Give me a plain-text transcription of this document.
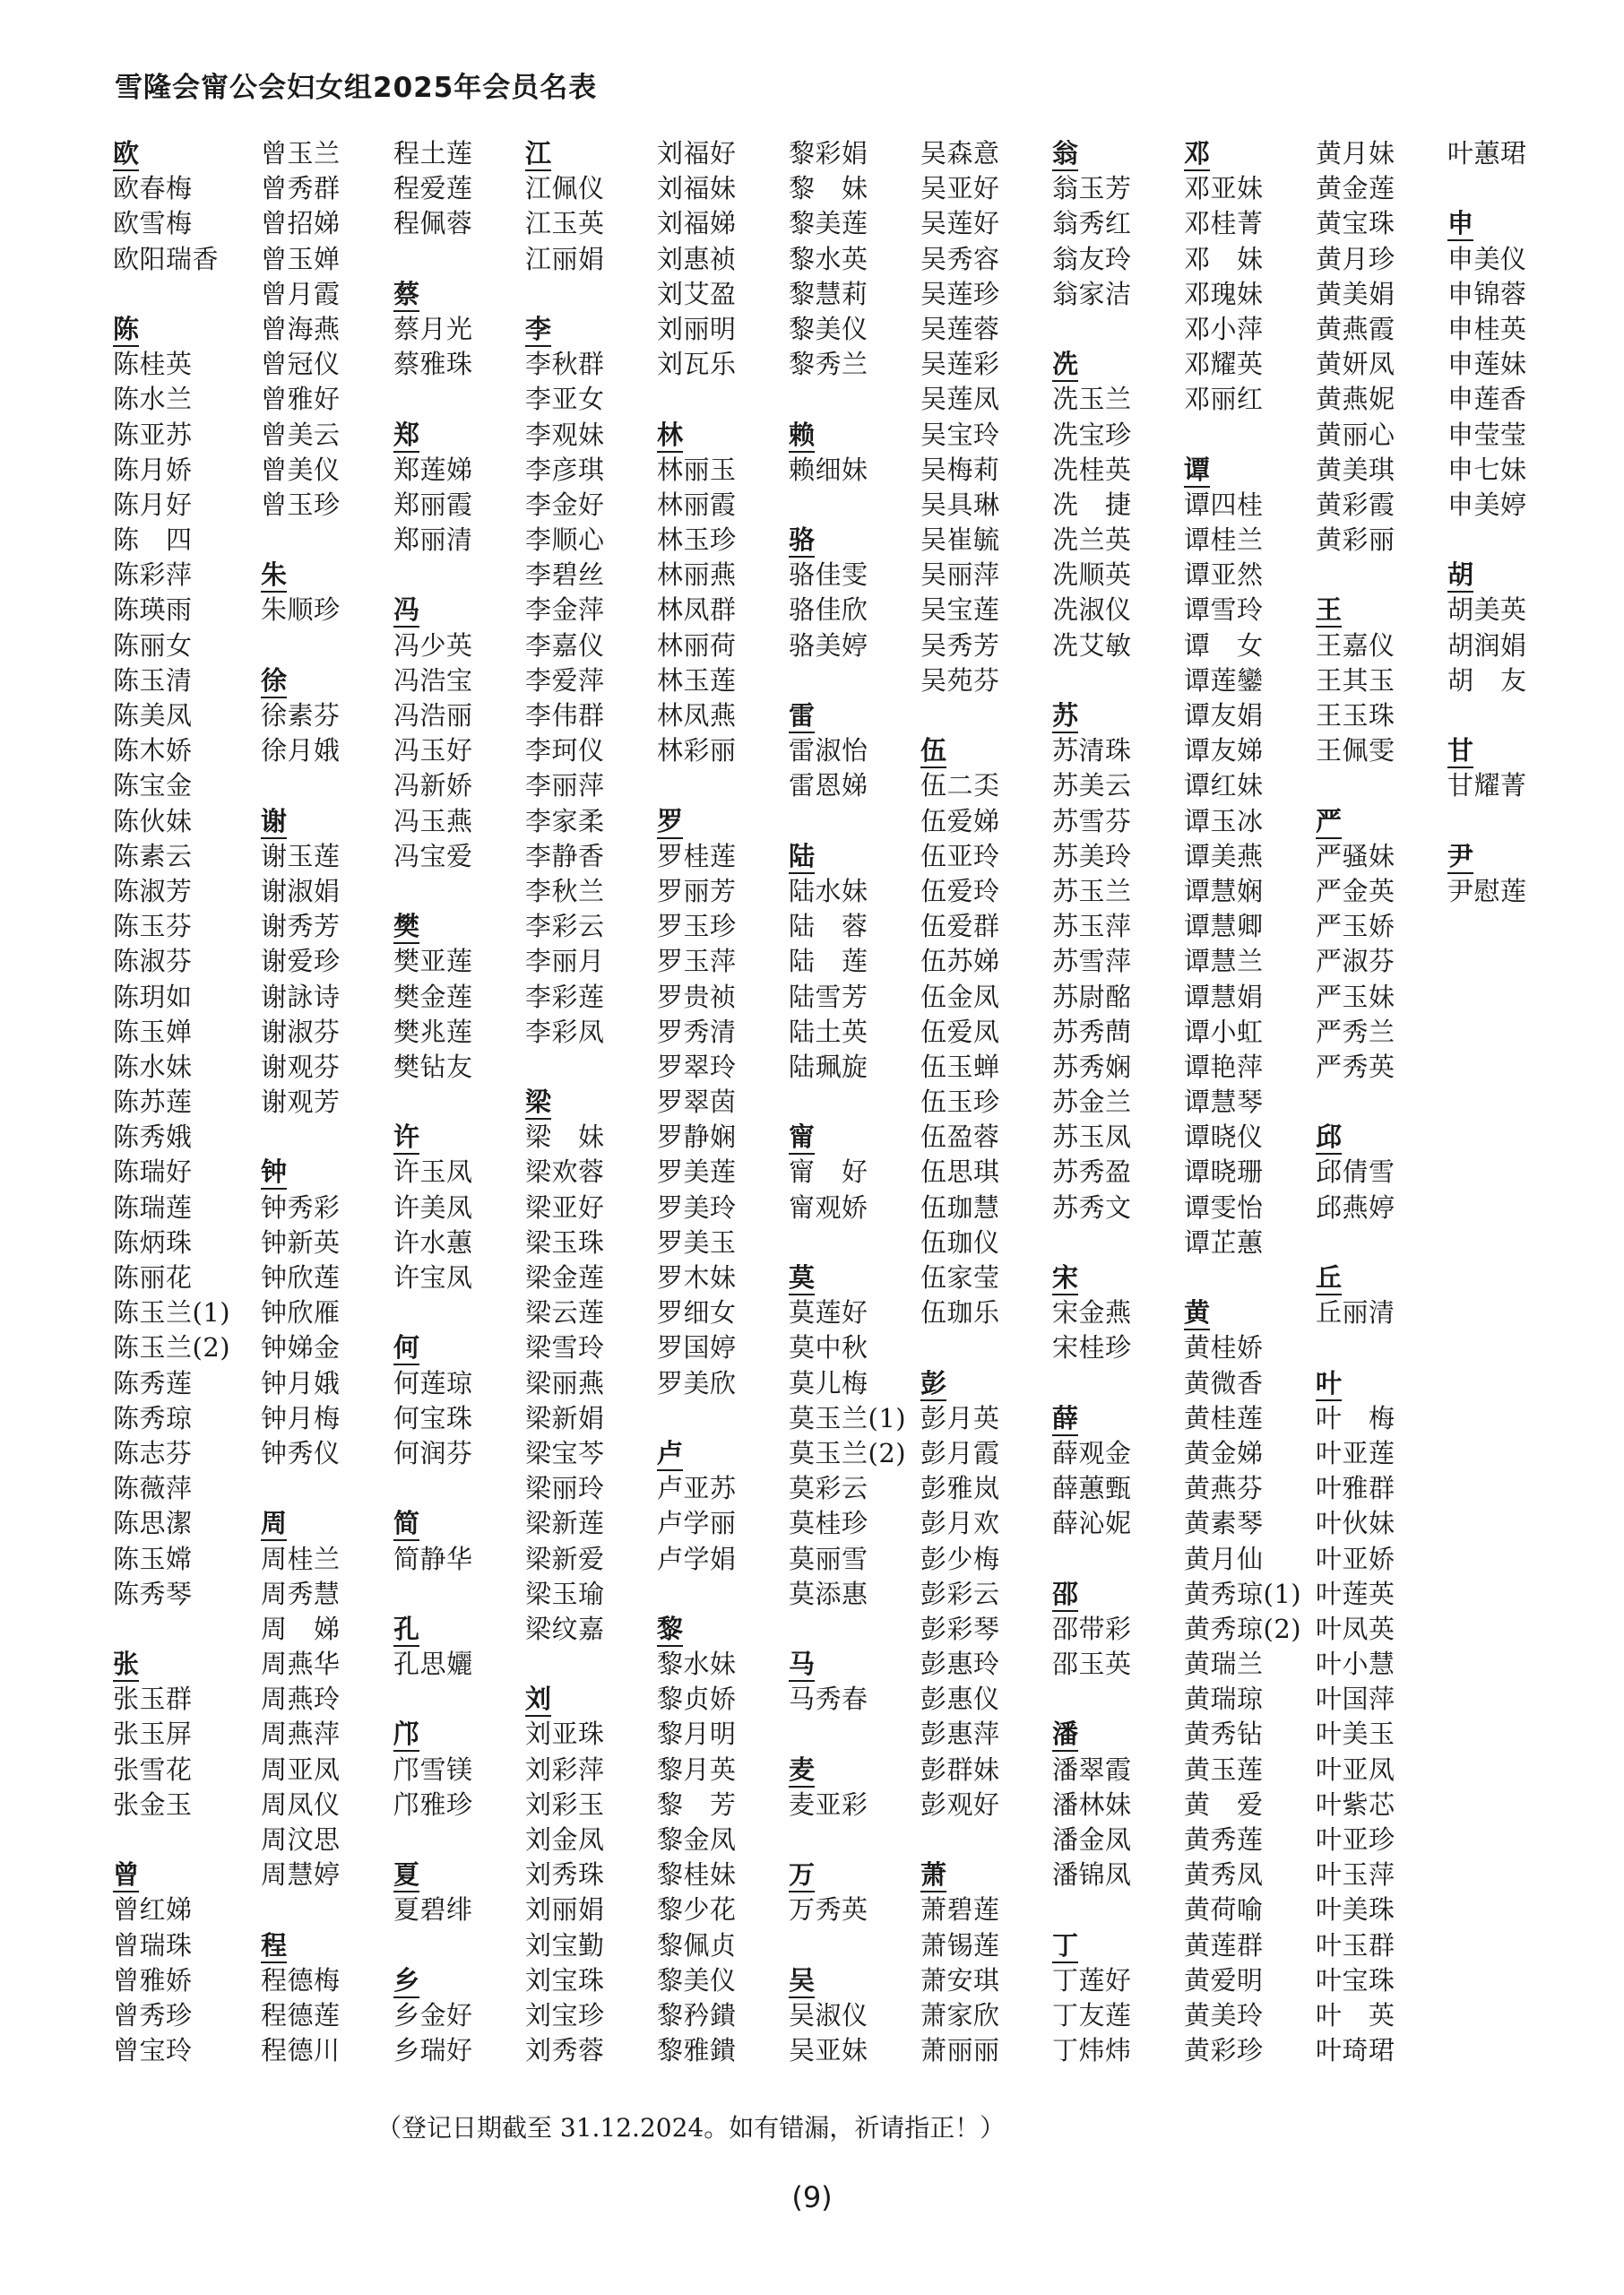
雪隆会甯公会妇女组2025年会员名表
欧
欧春梅
欧雪梅
欧阳瑞香
陈
陈桂英
陈水兰
陈亚苏
陈月娇
陈月好
陈　四
陈彩萍
陈瑛雨
陈丽女
陈玉清
陈美凤
陈木娇
陈宝金
陈伙妹
陈素云
陈淑芳
陈玉芬
陈淑芬
陈玥如
陈玉婵
陈水妹
陈苏莲
陈秀娥
陈瑞好
陈瑞莲
陈炳珠
陈丽花
陈玉兰(1)
陈玉兰(2)
陈秀莲
陈秀琼
陈志芬
陈薇萍
陈思潔
陈玉嫦
陈秀琴
张
张玉群
张玉屏
张雪花
张金玉
曾
曾红娣
曾瑞珠
曾雅娇
曾秀珍
曾宝玲
曾玉兰
曾秀群
曾招娣
曾玉婵
曾月霞
曾海燕
曾冠仪
曾雅好
曾美云
曾美仪
曾玉珍
朱
朱顺珍
徐
徐素芬
徐月娥
谢
谢玉莲
谢淑娟
谢秀芳
谢爱珍
谢詠诗
谢淑芬
谢观芬
谢观芳
钟
钟秀彩
钟新英
钟欣莲
钟欣雁
钟娣金
钟月娥
钟月梅
钟秀仪
周
周桂兰
周秀慧
周　娣
周燕华
周燕玲
周燕萍
周亚凤
周凤仪
周汶思
周慧婷
程
程德梅
程德莲
程德川
程土莲
程爱莲
程佩蓉
蔡
蔡月光
蔡雅珠
郑
郑莲娣
郑丽霞
郑丽清
冯
冯少英
冯浩宝
冯浩丽
冯玉好
冯新娇
冯玉燕
冯宝爱
樊
樊亚莲
樊金莲
樊兆莲
樊钻友
许
许玉凤
许美凤
许水蕙
许宝凤
何
何莲琼
何宝珠
何润芬
简
简静华
孔
孔思孋
邝
邝雪镁
邝雅珍
夏
夏碧绯
乡
乡金好
乡瑞好
江
江佩仪
江玉英
江丽娟
李
李秋群
李亚女
李观妹
李彦琪
李金好
李顺心
李碧丝
李金萍
李嘉仪
李爱萍
李伟群
李珂仪
李丽萍
李家柔
李静香
李秋兰
李彩云
李丽月
李彩莲
李彩凤
梁
梁　妹
梁欢蓉
梁亚好
梁玉珠
梁金莲
梁云莲
梁雪玲
梁丽燕
梁新娟
梁宝芩
梁丽玲
梁新莲
梁新爱
梁玉瑜
梁纹嘉
刘
刘亚珠
刘彩萍
刘彩玉
刘金凤
刘秀珠
刘丽娟
刘宝勤
刘宝珠
刘宝珍
刘秀蓉
刘福好
刘福妹
刘福娣
刘惠祯
刘艾盈
刘丽明
刘瓦乐
林
林丽玉
林丽霞
林玉珍
林丽燕
林凤群
林丽荷
林玉莲
林凤燕
林彩丽
罗
罗桂莲
罗丽芳
罗玉珍
罗玉萍
罗贵祯
罗秀清
罗翠玲
罗翠茵
罗静娴
罗美莲
罗美玲
罗美玉
罗木妹
罗细女
罗国婷
罗美欣
卢
卢亚苏
卢学丽
卢学娟
黎
黎水妹
黎贞娇
黎月明
黎月英
黎　芳
黎金凤
黎桂妹
黎少花
黎佩贞
黎美仪
黎矜鐀
黎雅鐀
黎彩娟
黎　妹
黎美莲
黎水英
黎慧莉
黎美仪
黎秀兰
赖
赖细妹
骆
骆佳雯
骆佳欣
骆美婷
雷
雷淑怡
雷恩娣
陆
陆水妹
陆　蓉
陆　莲
陆雪芳
陆土英
陆珮旋
甯
甯　好
甯观娇
莫
莫莲好
莫中秋
莫儿梅
莫玉兰(1)
莫玉兰(2)
莫彩云
莫桂珍
莫丽雪
莫添惠
马
马秀春
麦
麦亚彩
万
万秀英
吴
吴淑仪
吴亚妹
吴森意
吴亚好
吴莲好
吴秀容
吴莲珍
吴莲蓉
吴莲彩
吴莲凤
吴宝玲
吴梅莉
吴具琳
吴崔毓
吴丽萍
吴宝莲
吴秀芳
吴苑芬
伍
伍二奀
伍爱娣
伍亚玲
伍爱玲
伍爱群
伍苏娣
伍金凤
伍爱凤
伍玉蝉
伍玉珍
伍盈蓉
伍思琪
伍珈慧
伍珈仪
伍家莹
伍珈乐
彭
彭月英
彭月霞
彭雅岚
彭月欢
彭少梅
彭彩云
彭彩琴
彭惠玲
彭惠仪
彭惠萍
彭群妹
彭观好
萧
萧碧莲
萧锡莲
萧安琪
萧家欣
萧丽丽
翁
翁玉芳
翁秀红
翁友玲
翁家洁
冼
冼玉兰
冼宝珍
冼桂英
冼　捷
冼兰英
冼顺英
冼淑仪
冼艾敏
苏
苏清珠
苏美云
苏雪芬
苏美玲
苏玉兰
苏玉萍
苏雪萍
苏尉酩
苏秀蔄
苏秀娴
苏金兰
苏玉凤
苏秀盈
苏秀文
宋
宋金燕
宋桂珍
薛
薛观金
薛蕙甄
薛沁妮
邵
邵带彩
邵玉英
潘
潘翠霞
潘林妹
潘金凤
潘锦凤
丁
丁莲好
丁友莲
丁炜炜
邓
邓亚妹
邓桂菁
邓　妹
邓瑰妹
邓小萍
邓耀英
邓丽红
谭
谭四桂
谭桂兰
谭亚然
谭雪玲
谭　女
谭莲鑾
谭友娟
谭友娣
谭红妹
谭玉冰
谭美燕
谭慧娴
谭慧卿
谭慧兰
谭慧娟
谭小虹
谭艳萍
谭慧琴
谭晓仪
谭晓珊
谭雯怡
谭芷蕙
黄
黄桂娇
黄微香
黄桂莲
黄金娣
黄燕芬
黄素琴
黄月仙
黄秀琼(1)
黄秀琼(2)
黄瑞兰
黄瑞琼
黄秀钻
黄玉莲
黄　爱
黄秀莲
黄秀凤
黄荷喻
黄莲群
黄爱明
黄美玲
黄彩珍
黄月妹
黄金莲
黄宝珠
黄月珍
黄美娟
黄燕霞
黄妍凤
黄燕妮
黄丽心
黄美琪
黄彩霞
黄彩丽
王
王嘉仪
王其玉
王玉珠
王佩雯
严
严骚妹
严金英
严玉娇
严淑芬
严玉妹
严秀兰
严秀英
邱
邱倩雪
邱燕婷
丘
丘丽清
叶
叶　梅
叶亚莲
叶雅群
叶伙妹
叶亚娇
叶莲英
叶凤英
叶小慧
叶国萍
叶美玉
叶亚凤
叶紫芯
叶亚珍
叶玉萍
叶美珠
叶玉群
叶宝珠
叶　英
叶琦珺
叶蕙珺
申
申美仪
申锦蓉
申桂英
申莲妹
申莲香
申莹莹
申七妹
申美婷
胡
胡美英
胡润娟
胡　友
甘
甘耀菁
尹
尹慰莲
（登记日期截至 31.12.2024。如有错漏，祈请指正！）
(9)
